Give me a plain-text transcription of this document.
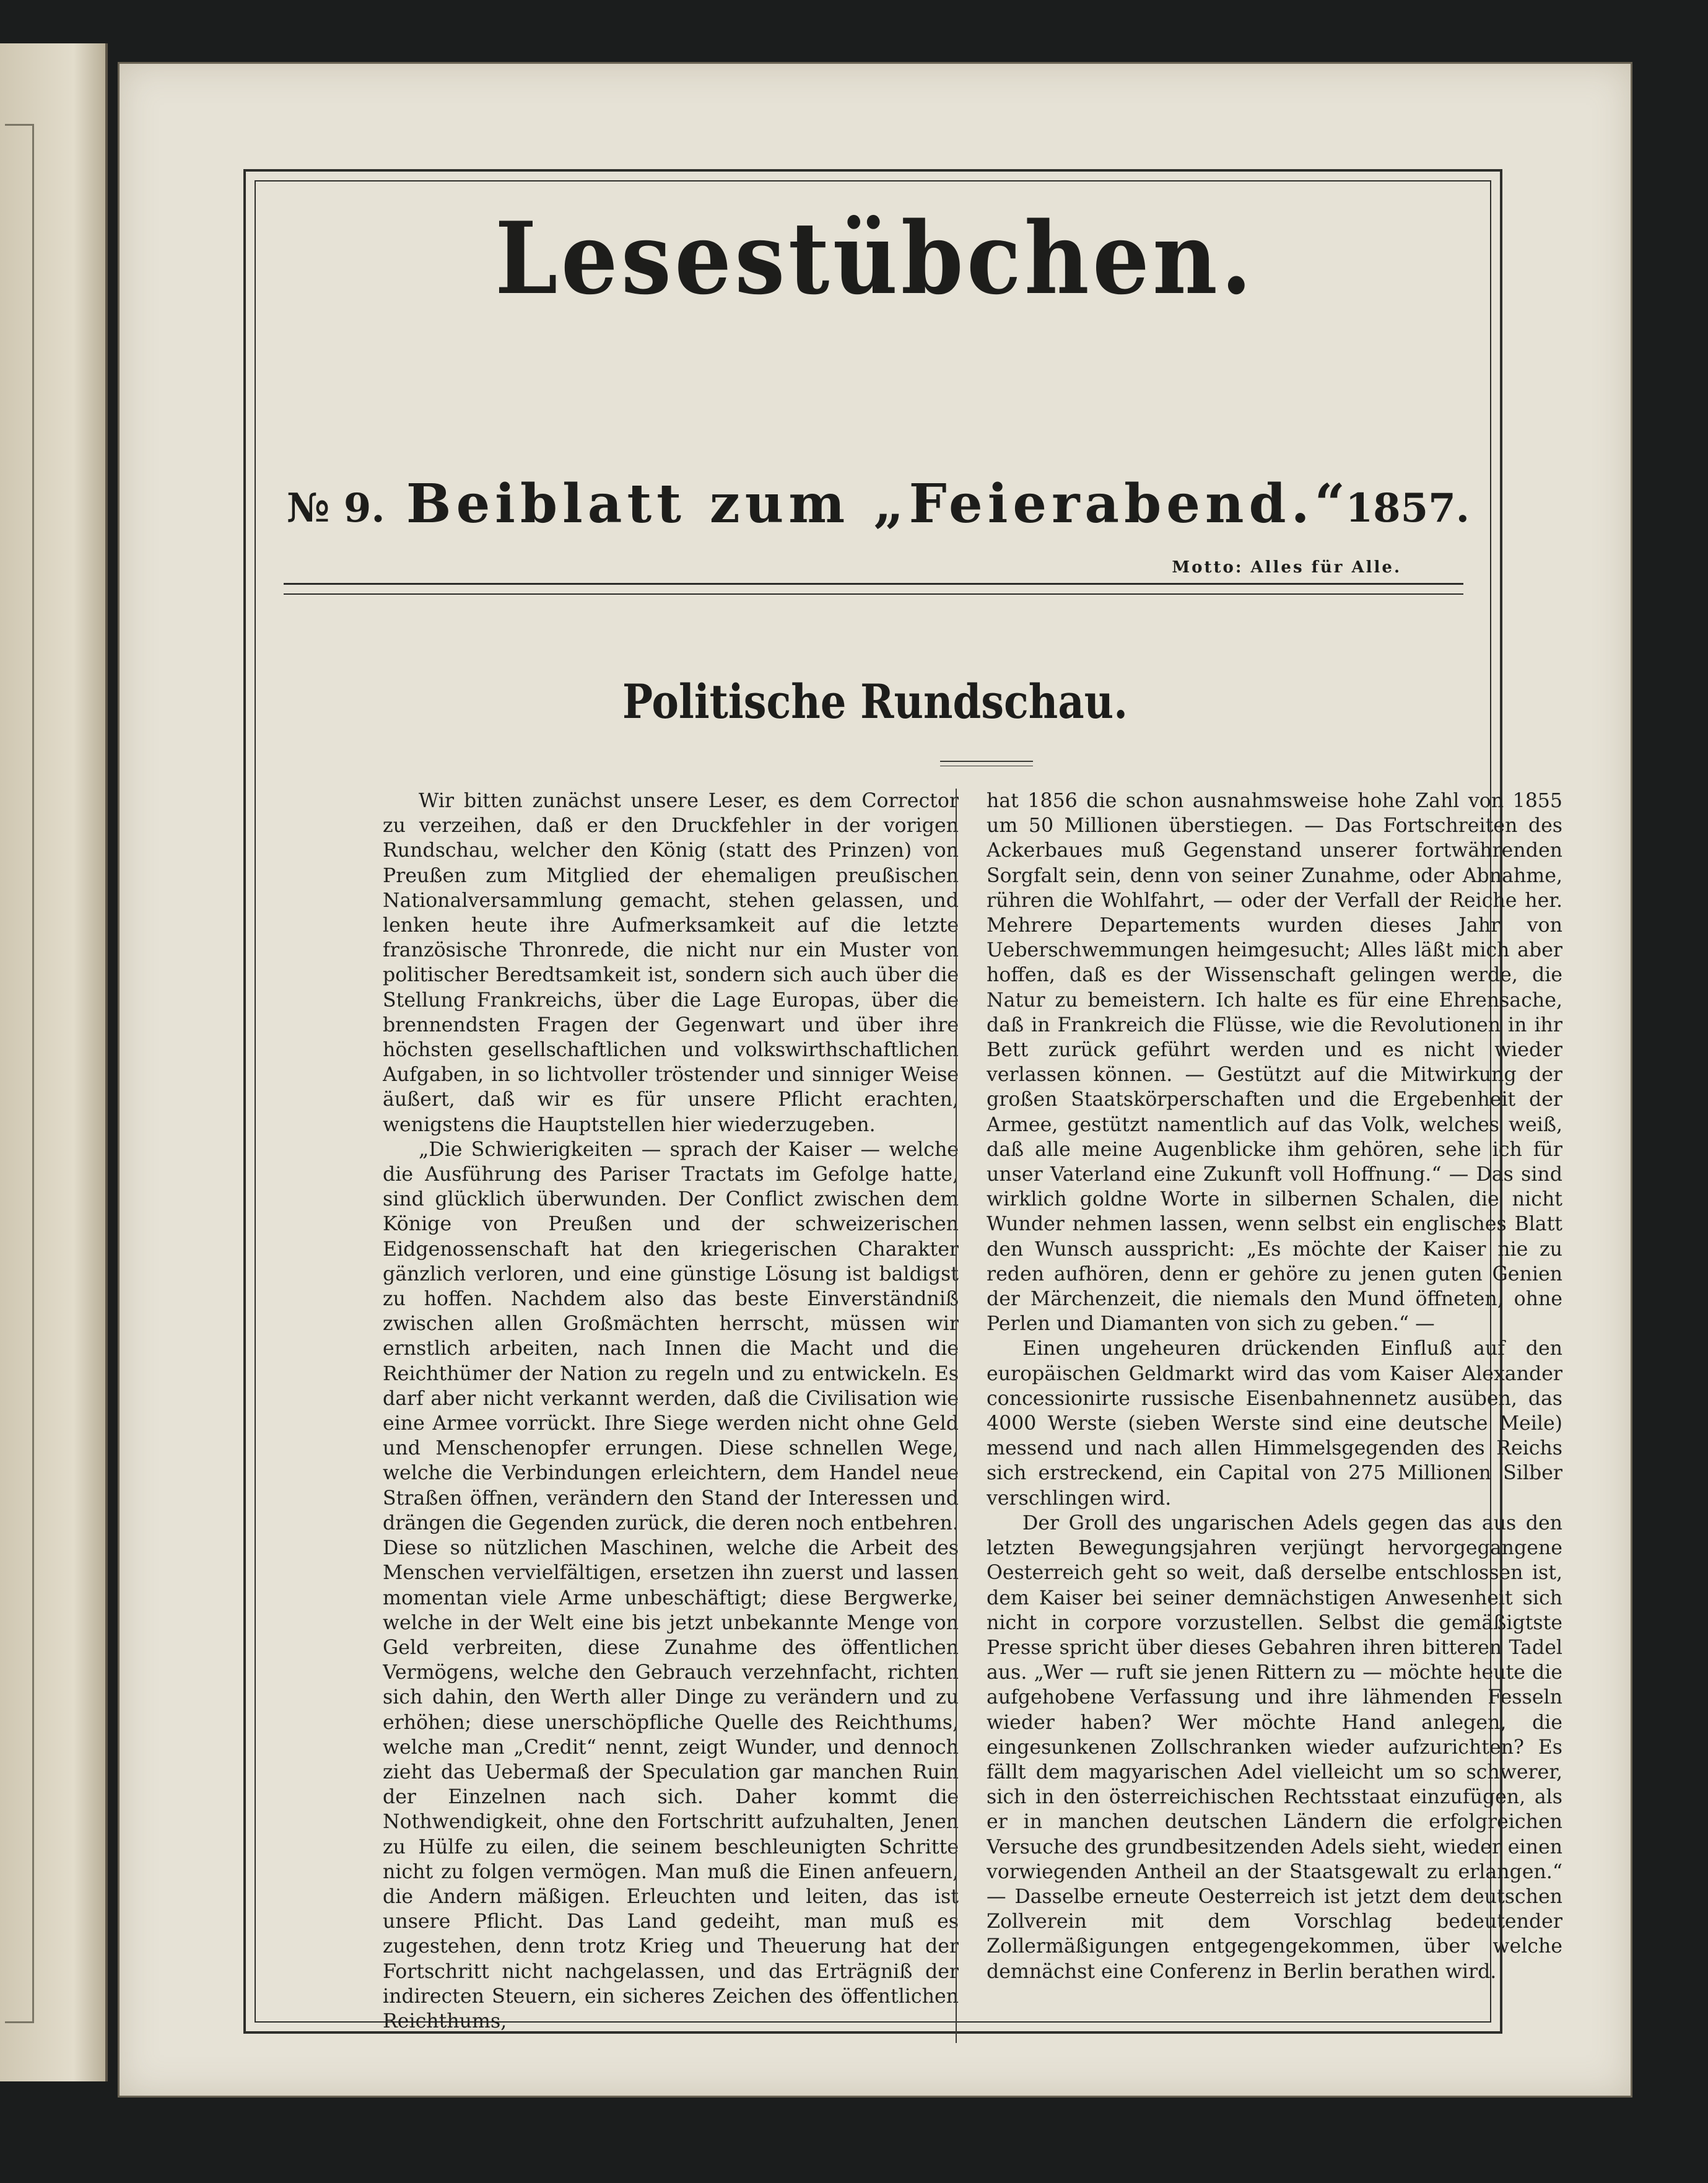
Lesestübchen.
№ 9. Beiblatt zum „Feierabend.“
1857.
Motto: Alles für Alle.
Politische Rundschau.

Wir bitten zunächst unsere Leser, es dem Corrector zu verzeihen, daß er den Druckfehler in der vorigen Rundschau, welcher den König (statt des Prinzen) von Preußen zum Mitglied der ehemaligen preußischen Nationalversammlung gemacht, stehen gelassen, und lenken heute ihre Aufmerksamkeit auf die letzte französische Thronrede, die nicht nur ein Muster von politischer Beredtsamkeit ist, sondern sich auch über die Stellung Frankreichs, über die Lage Europas, über die brennendsten Fragen der Gegenwart und über ihre höchsten gesellschaftlichen und volkswirthschaftlichen Aufgaben, in so lichtvoller tröstender und sinniger Weise äußert, daß wir es für unsere Pflicht erachten, wenigstens die Hauptstellen hier wiederzugeben.

„Die Schwierigkeiten — sprach der Kaiser — welche die Ausführung des Pariser Tractats im Gefolge hatte, sind glücklich überwunden. Der Conflict zwischen dem Könige von Preußen und der schweizerischen Eidgenossenschaft hat den kriegerischen Charakter gänzlich verloren, und eine günstige Lösung ist baldigst zu hoffen. Nachdem also das beste Einverständniß zwischen allen Großmächten herrscht, müssen wir ernstlich arbeiten, nach Innen die Macht und die Reichthümer der Nation zu regeln und zu entwickeln. Es darf aber nicht verkannt werden, daß die Civilisation wie eine Armee vorrückt. Ihre Siege werden nicht ohne Geld und Menschenopfer errungen. Diese schnellen Wege, welche die Verbindungen erleichtern, dem Handel neue Straßen öffnen, verändern den Stand der Interessen und drängen die Gegenden zurück, die deren noch entbehren. Diese so nützlichen Maschinen, welche die Arbeit des Menschen vervielfältigen, ersetzen ihn zuerst und lassen momentan viele Arme unbeschäftigt; diese Bergwerke, welche in der Welt eine bis jetzt unbekannte Menge von Geld verbreiten, diese Zunahme des öffentlichen Vermögens, welche den Gebrauch verzehnfacht, richten sich dahin, den Werth aller Dinge zu verändern und zu erhöhen; diese unerschöpfliche Quelle des Reichthums, welche man „Credit“ nennt, zeigt Wunder, und dennoch zieht das Uebermaß der Speculation gar manchen Ruin der Einzelnen nach sich. Daher kommt die Nothwendigkeit, ohne den Fortschritt aufzuhalten, Jenen zu Hülfe zu eilen, die seinem beschleunigten Schritte nicht zu folgen vermögen. Man muß die Einen anfeuern, die Andern mäßigen. Erleuchten und leiten, das ist unsere Pflicht. Das Land gedeiht, man muß es zugestehen, denn trotz Krieg und Theuerung hat der Fortschritt nicht nachgelassen, und das Erträgniß der indirecten Steuern, ein sicheres Zeichen des öffentlichen Reichthums,

hat 1856 die schon ausnahmsweise hohe Zahl von 1855 um 50 Millionen überstiegen. — Das Fortschreiten des Ackerbaues muß Gegenstand unserer fortwährenden Sorgfalt sein, denn von seiner Zunahme, oder Abnahme, rühren die Wohlfahrt, — oder der Verfall der Reiche her. Mehrere Departements wurden dieses Jahr von Ueberschwemmungen heimgesucht; Alles läßt mich aber hoffen, daß es der Wissenschaft gelingen werde, die Natur zu bemeistern. Ich halte es für eine Ehrensache, daß in Frankreich die Flüsse, wie die Revolutionen in ihr Bett zurück geführt werden und es nicht wieder verlassen können. — Gestützt auf die Mitwirkung der großen Staatskörperschaften und die Ergebenheit der Armee, gestützt namentlich auf das Volk, welches weiß, daß alle meine Augenblicke ihm gehören, sehe ich für unser Vaterland eine Zukunft voll Hoffnung.“ — Das sind wirklich goldne Worte in silbernen Schalen, die nicht Wunder nehmen lassen, wenn selbst ein englisches Blatt den Wunsch ausspricht: „Es möchte der Kaiser nie zu reden aufhören, denn er gehöre zu jenen guten Genien der Märchenzeit, die niemals den Mund öffneten, ohne Perlen und Diamanten von sich zu geben.“ —

Einen ungeheuren drückenden Einfluß auf den europäischen Geldmarkt wird das vom Kaiser Alexander concessionirte russische Eisenbahnennetz ausüben, das 4000 Werste (sieben Werste sind eine deutsche Meile) messend und nach allen Himmelsgegenden des Reichs sich erstreckend, ein Capital von 275 Millionen Silber verschlingen wird.

Der Groll des ungarischen Adels gegen das aus den letzten Bewegungsjahren verjüngt hervorgegangene Oesterreich geht so weit, daß derselbe entschlossen ist, dem Kaiser bei seiner demnächstigen Anwesenheit sich nicht in corpore vorzustellen. Selbst die gemäßigtste Presse spricht über dieses Gebahren ihren bitteren Tadel aus. „Wer — ruft sie jenen Rittern zu — möchte heute die aufgehobene Verfassung und ihre lähmenden Fesseln wieder haben? Wer möchte Hand anlegen, die eingesunkenen Zollschranken wieder aufzurichten? Es fällt dem magyarischen Adel vielleicht um so schwerer, sich in den österreichischen Rechtsstaat einzufügen, als er in manchen deutschen Ländern die erfolgreichen Versuche des grundbesitzenden Adels sieht, wieder einen vorwiegenden Antheil an der Staatsgewalt zu erlangen.“ — Dasselbe erneute Oesterreich ist jetzt dem deutschen Zollverein mit dem Vorschlag bedeutender Zollermäßigungen entgegengekommen, über welche demnächst eine Conferenz in Berlin berathen wird.
